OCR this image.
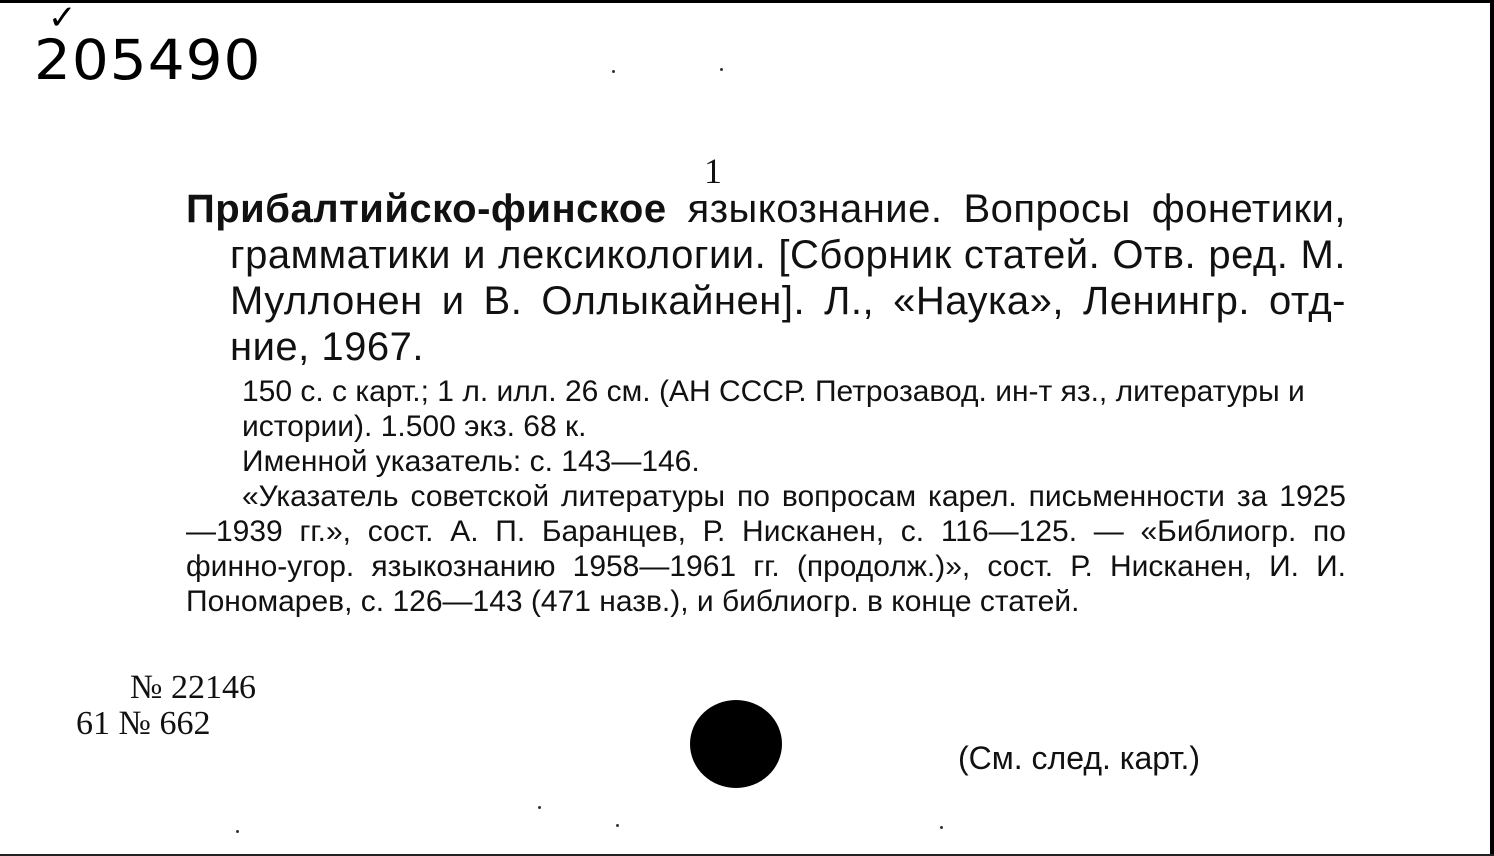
✓
205490
1
Прибалтийско-финское языкознание. Вопросы фонетики, грамматики и лексикологии. [Сборник статей. Отв. ред. М. Муллонен и В. Оллыкайнен]. Л., «Наука», Ленингр. отд-ние, 1967.
150 с. с карт.; 1 л. илл. 26 см. (АН СССР. Петрозавод. ин-т яз., литературы и истории). 1.500 экз. 68 к.
Именной указатель: с. 143—146.
«Указатель советской литературы по вопросам карел. письменности за 1925—1939 гг.», сост. А. П. Баранцев, Р. Нисканен, с. 116—125. — «Библиогр. по финно-угор. языкознанию 1958—1961 гг. (продолж.)», сост. Р. Нисканен, И. И. Пономарев, с. 126—143 (471 назв.), и библиогр. в конце статей.
№ 22146
61 № 662
(См. след. карт.)
